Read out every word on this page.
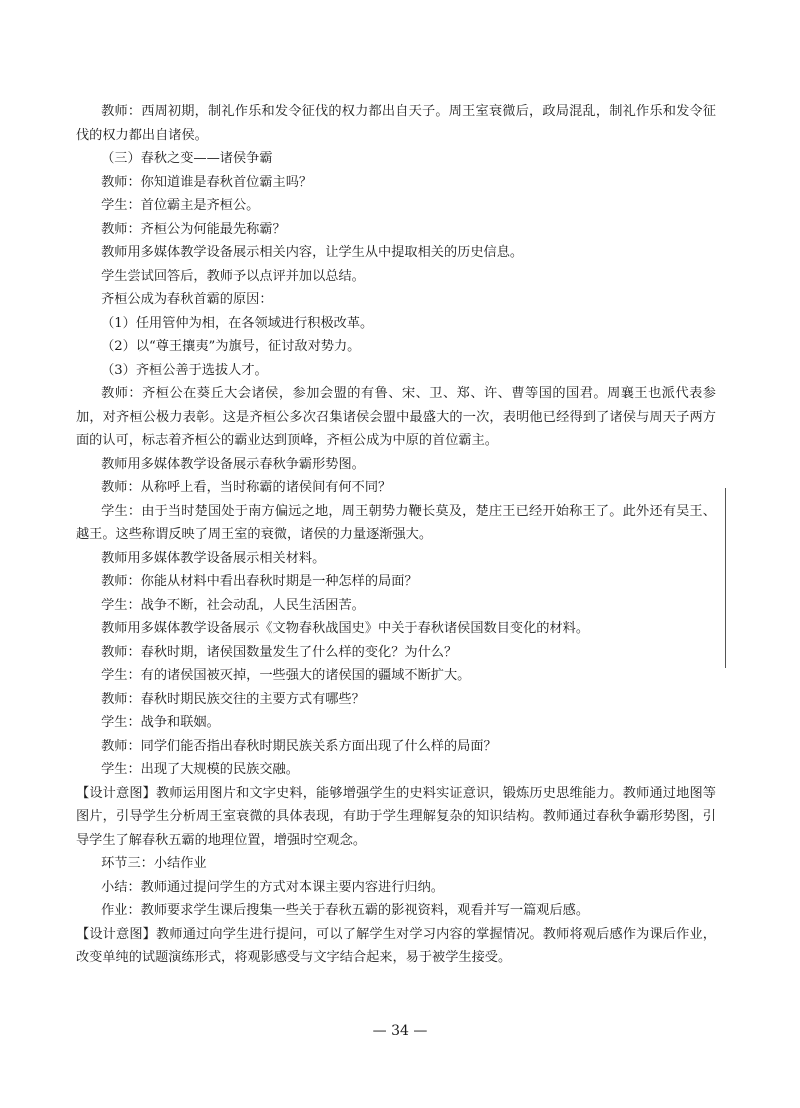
教师：西周初期，制礼作乐和发令征伐的权力都出自天子。周王室衰微后，政局混乱，制礼作乐和发令征伐的权力都出自诸侯。

（三）春秋之变——诸侯争霸

教师：你知道谁是春秋首位霸主吗？

学生：首位霸主是齐桓公。

教师：齐桓公为何能最先称霸？

教师用多媒体教学设备展示相关内容，让学生从中提取相关的历史信息。

学生尝试回答后，教师予以点评并加以总结。

齐桓公成为春秋首霸的原因：

（1）任用管仲为相，在各领域进行积极改革。

（2）以“尊王攘夷”为旗号，征讨敌对势力。

（3）齐桓公善于选拔人才。

教师：齐桓公在葵丘大会诸侯，参加会盟的有鲁、宋、卫、郑、许、曹等国的国君。周襄王也派代表参加，对齐桓公极力表彰。这是齐桓公多次召集诸侯会盟中最盛大的一次，表明他已经得到了诸侯与周天子两方面的认可，标志着齐桓公的霸业达到顶峰，齐桓公成为中原的首位霸主。

教师用多媒体教学设备展示春秋争霸形势图。

教师：从称呼上看，当时称霸的诸侯间有何不同？

学生：由于当时楚国处于南方偏远之地，周王朝势力鞭长莫及，楚庄王已经开始称王了。此外还有吴王、越王。这些称谓反映了周王室的衰微，诸侯的力量逐渐强大。

教师用多媒体教学设备展示相关材料。

教师：你能从材料中看出春秋时期是一种怎样的局面？

学生：战争不断，社会动乱，人民生活困苦。

教师用多媒体教学设备展示《文物春秋战国史》中关于春秋诸侯国数目变化的材料。

教师：春秋时期，诸侯国数量发生了什么样的变化？为什么？

学生：有的诸侯国被灭掉，一些强大的诸侯国的疆域不断扩大。

教师：春秋时期民族交往的主要方式有哪些？

学生：战争和联姻。

教师：同学们能否指出春秋时期民族关系方面出现了什么样的局面？

学生：出现了大规模的民族交融。

【设计意图】教师运用图片和文字史料，能够增强学生的史料实证意识，锻炼历史思维能力。教师通过地图等图片，引导学生分析周王室衰微的具体表现，有助于学生理解复杂的知识结构。教师通过春秋争霸形势图，引导学生了解春秋五霸的地理位置，增强时空观念。

环节三：小结作业

小结：教师通过提问学生的方式对本课主要内容进行归纳。

作业：教师要求学生课后搜集一些关于春秋五霸的影视资料，观看并写一篇观后感。

【设计意图】教师通过向学生进行提问，可以了解学生对学习内容的掌握情况。教师将观后感作为课后作业，改变单纯的试题演练形式，将观影感受与文字结合起来，易于被学生接受。

— 34 —
